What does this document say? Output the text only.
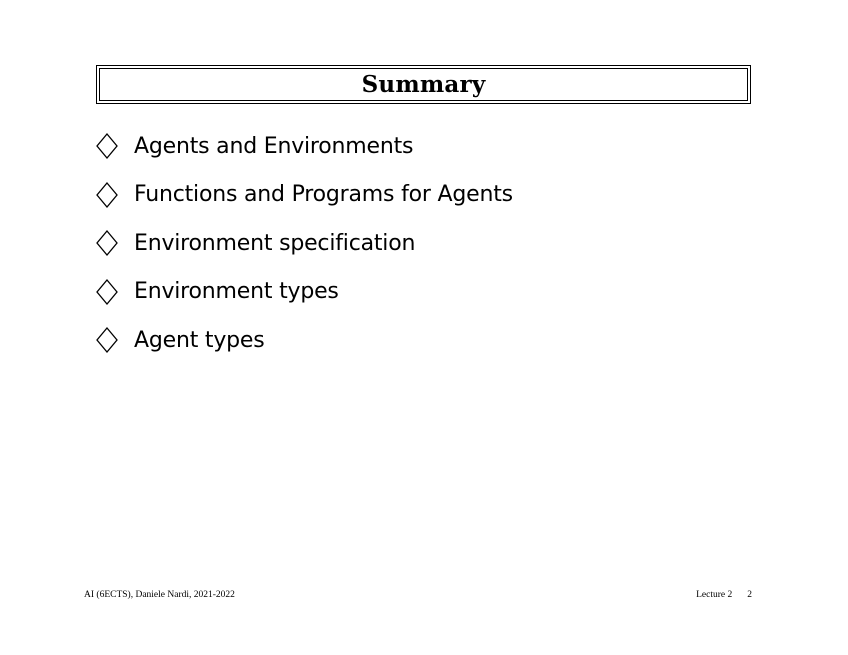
Summary
Agents and Environments
Functions and Programs for Agents
Environment specification
Environment types
Agent types
AI (6ECTS), Daniele Nardi, 2021-2022	Lecture 2 2
